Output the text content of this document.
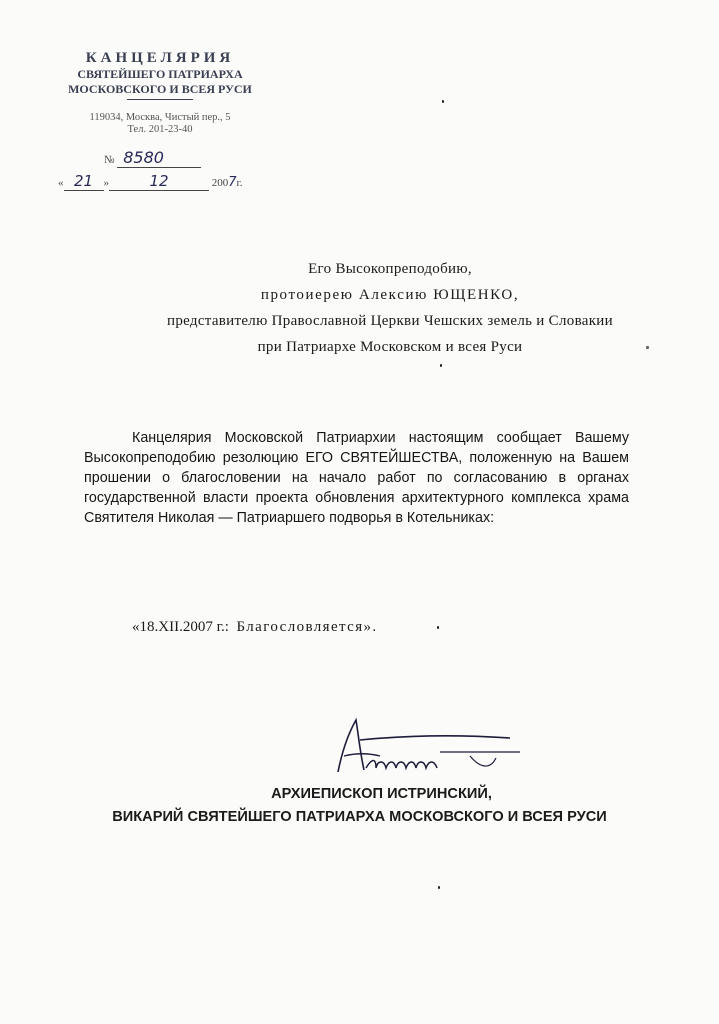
КАНЦЕЛЯРИЯ
СВЯТЕЙШЕГО ПАТРИАРХА
МОСКОВСКОГО И ВСЕЯ РУСИ
119034, Москва, Чистый пер., 5
Тел. 201-23-40
№ 8580
« 21 »	12	2007г.
Его Высокопреподобию,
протоиерею Алексию ЮЩЕНКО,
представителю Православной Церкви Чешских земель и Словакии
при Патриархе Московском и всея Руси
Канцелярия Московской Патриархии настоящим сообщает Вашему Высокопреподобию резолюцию ЕГО СВЯТЕЙШЕСТВА, положенную на Вашем прошении о благословении на начало работ по согласованию в органах государственной власти проекта обновления архитектурного комплекса храма Святителя Николая — Патриаршего подворья в Котельниках:
«18.XII.2007 г.: Благословляется».
АРХИЕПИСКОП ИСТРИНСКИЙ,
ВИКАРИЙ СВЯТЕЙШЕГО ПАТРИАРХА МОСКОВСКОГО И ВСЕЯ РУСИ
